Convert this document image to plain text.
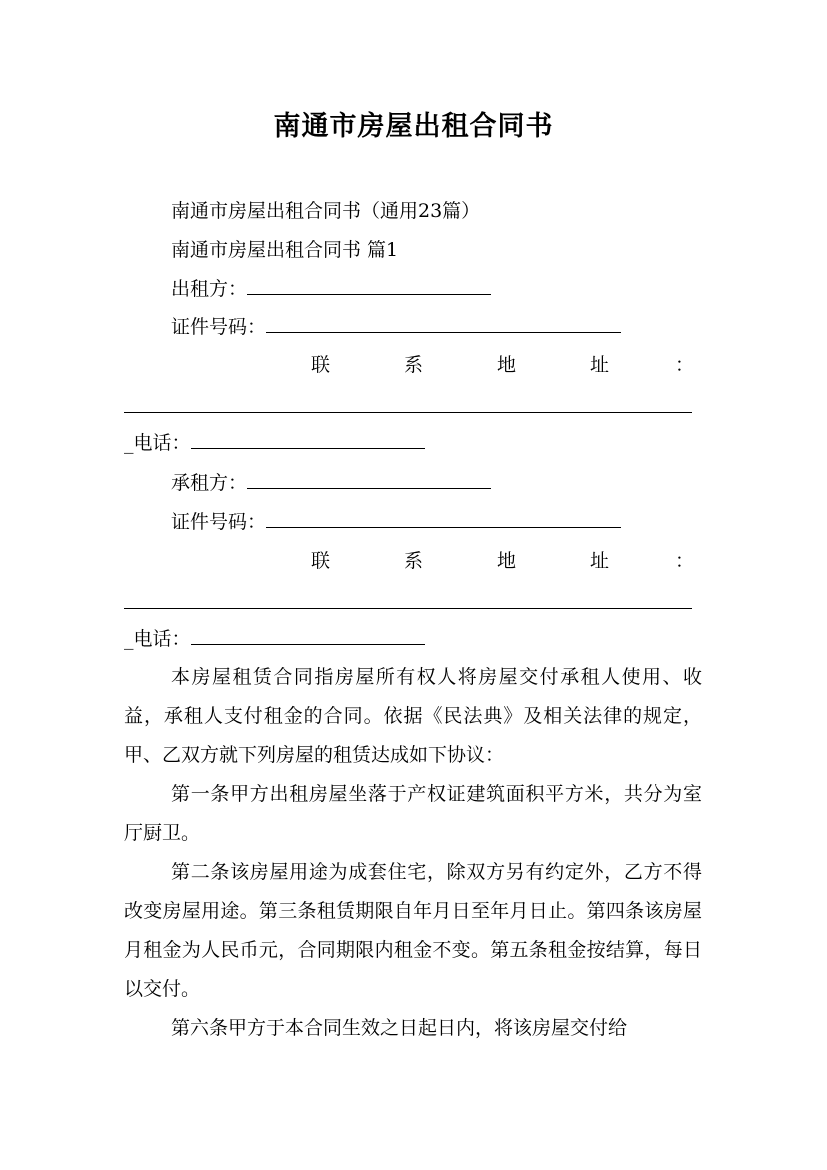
南通市房屋出租合同书

南通市房屋出租合同书（通用23篇）

南通市房屋出租合同书 篇1

出租方：

证件号码：

联	系	地	址	：

_电话：

承租方：

证件号码：

联	系	地	址	：

_电话：

本房屋租赁合同指房屋所有权人将房屋交付承租人使用、收益，承租人支付租金的合同。依据《民法典》及相关法律的规定，甲、乙双方就下列房屋的租赁达成如下协议：
第一条甲方出租房屋坐落于产权证建筑面积平方米，共分为室厅厨卫。
第二条该房屋用途为成套住宅，除双方另有约定外，乙方不得改变房屋用途。第三条租赁期限自年月日至年月日止。第四条该房屋月租金为人民币元，合同期限内租金不变。第五条租金按结算，每日以交付。
第六条甲方于本合同生效之日起日内，将该房屋交付给
